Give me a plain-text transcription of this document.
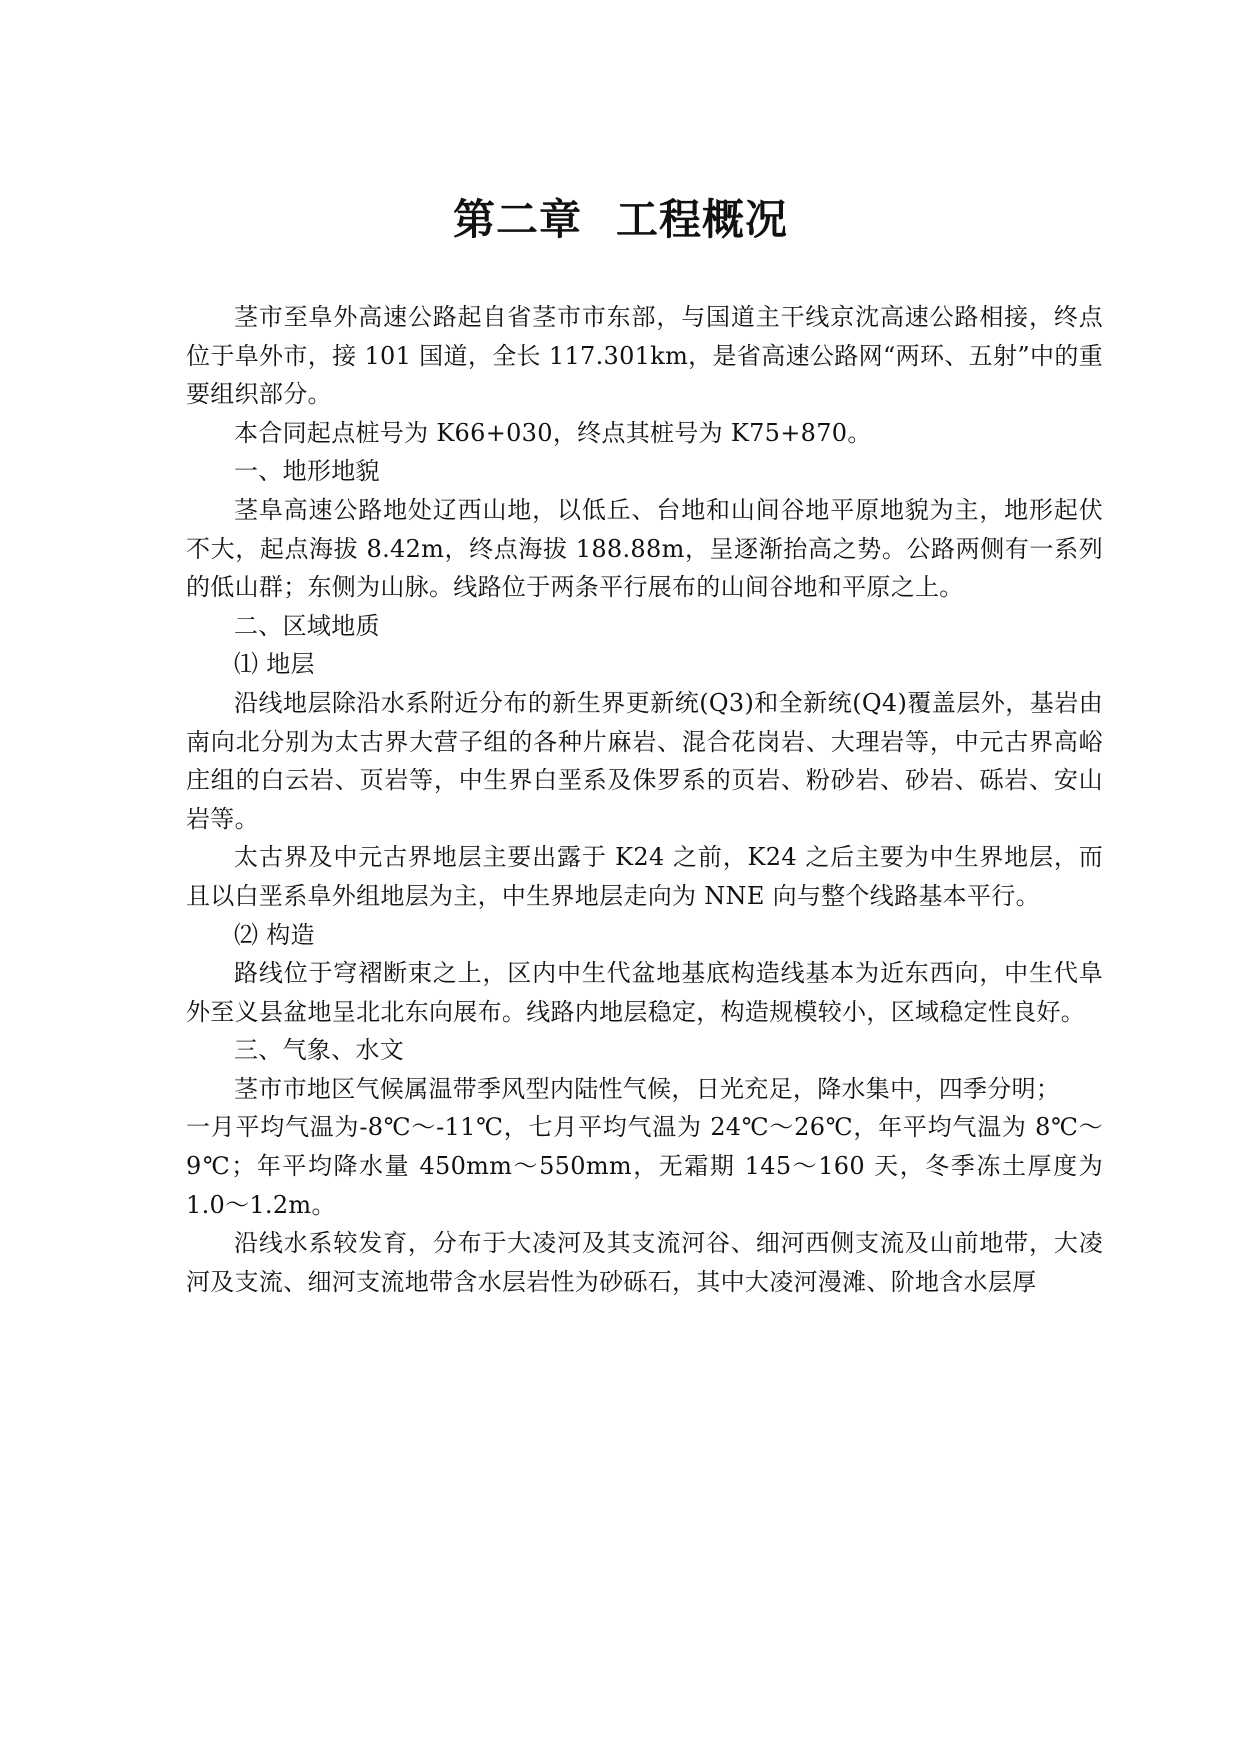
第二章 工程概况

茎市至阜外高速公路起自省茎市市东部，与国道主干线京沈高速公路相接，终点位于阜外市，接 101 国道，全长 117.301km，是省高速公路网“两环、五射”中的重要组织部分。

本合同起点桩号为 K66+030，终点其桩号为 K75+870。

一、地形地貌

茎阜高速公路地处辽西山地，以低丘、台地和山间谷地平原地貌为主，地形起伏不大，起点海拔 8.42m，终点海拔 188.88m，呈逐渐抬高之势。公路两侧有一系列的低山群；东侧为山脉。线路位于两条平行展布的山间谷地和平原之上。

二、区域地质

⑴ 地层

沿线地层除沿水系附近分布的新生界更新统(Q3)和全新统(Q4)覆盖层外，基岩由南向北分别为太古界大营子组的各种片麻岩、混合花岗岩、大理岩等，中元古界高峪庄组的白云岩、页岩等，中生界白垩系及侏罗系的页岩、粉砂岩、砂岩、砾岩、安山岩等。

太古界及中元古界地层主要出露于 K24 之前，K24 之后主要为中生界地层，而且以白垩系阜外组地层为主，中生界地层走向为 NNE 向与整个线路基本平行。

⑵ 构造

路线位于穹褶断束之上，区内中生代盆地基底构造线基本为近东西向，中生代阜外至义县盆地呈北北东向展布。线路内地层稳定，构造规模较小，区域稳定性良好。

三、气象、水文

茎市市地区气候属温带季风型内陆性气候，日光充足，降水集中，四季分明；

一月平均气温为-8℃～-11℃，七月平均气温为 24℃～26℃，年平均气温为 8℃～9℃；年平均降水量 450mm～550mm，无霜期 145～160 天，冬季冻土厚度为 1.0～1.2m。

沿线水系较发育，分布于大凌河及其支流河谷、细河西侧支流及山前地带，大凌河及支流、细河支流地带含水层岩性为砂砾石，其中大凌河漫滩、阶地含水层厚
